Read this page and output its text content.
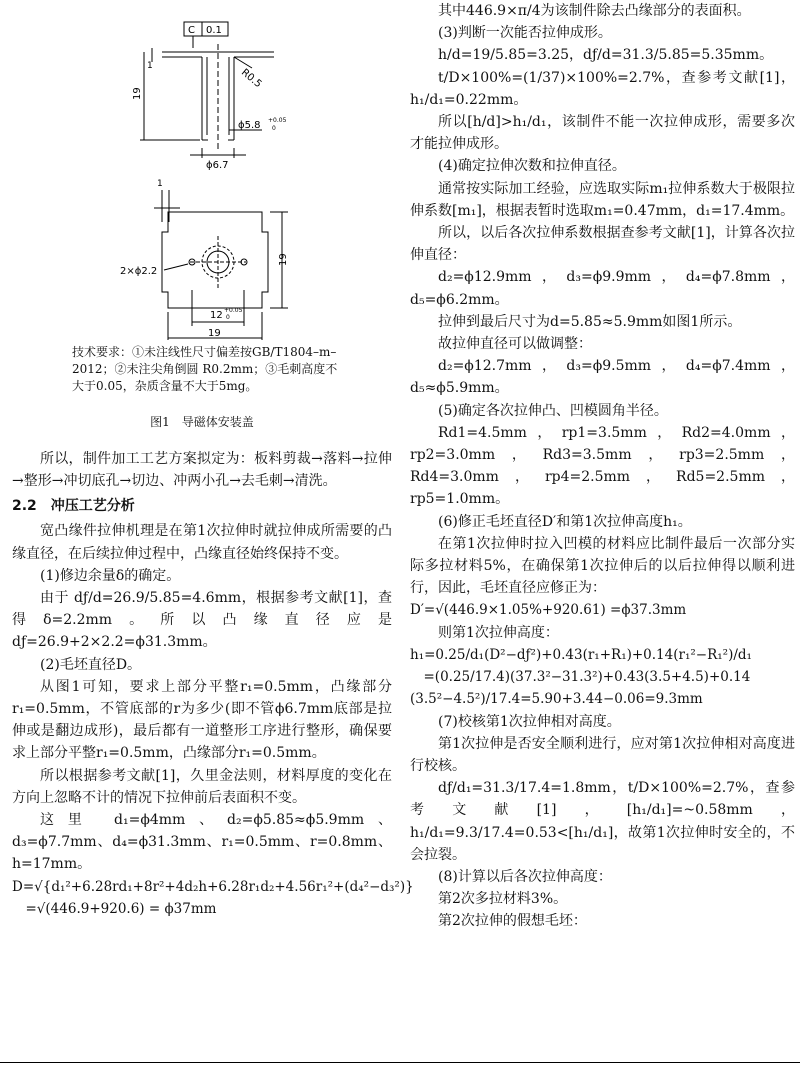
C 0.1
R0.5
19
1
ϕ5.8 +0.05
0
ϕ6.7
1
2×ϕ2.2
19
12 +0.05
0
19
技术要求：①未注线性尺寸偏差按GB/T1804–m–2012；②未注尖角倒圆 R0.2mm；③毛刺高度不大于0.05，杂质含量不大于5mg。
图1　导磁体安装盖
所以，制件加工工艺方案拟定为：板料剪裁→落料→拉伸→整形→冲切底孔→切边、冲两小孔→去毛刺→清洗。
2.2　冲压工艺分析
宽凸缘件拉伸机理是在第1次拉伸时就拉伸成所需要的凸缘直径，在后续拉伸过程中，凸缘直径始终保持不变。
(1)修边余量δ的确定。
由于 dƒ/d=26.9/5.85=4.6mm，根据参考文献[1]，查得δ=2.2mm。所以凸缘直径应是 dƒ=26.9+2×2.2=ϕ31.3mm。
(2)毛坯直径D。
从图1可知，要求上部分平整r₁=0.5mm，凸缘部分r₁=0.5mm，不管底部的r为多少(即不管ϕ6.7mm底部是拉伸或是翻边成形)，最后都有一道整形工序进行整形，确保要求上部分平整r₁=0.5mm，凸缘部分r₁=0.5mm。
所以根据参考文献[1]，久里金法则，材料厚度的变化在方向上忽略不计的情况下拉伸前后表面积不变。
这里 d₁=ϕ4mm、d₂=ϕ5.85≈ϕ5.9mm、d₃=ϕ7.7mm、d₄=ϕ31.3mm、r₁=0.5mm、r=0.8mm、h=17mm。
D=√{d₁²+6.28rd₁+8r²+4d₂h+6.28r₁d₂+4.56r₁²+(d₄²−d₃²)}
　=√(446.9+920.6) = ϕ37mm
其中446.9×π/4为该制件除去凸缘部分的表面积。
(3)判断一次能否拉伸成形。
h/d=19/5.85=3.25，dƒ/d=31.3/5.85=5.35mm。
t/D×100%=(1/37)×100%=2.7%，查参考文献[1]，h₁/d₁=0.22mm。
所以[h/d]>h₁/d₁，该制件不能一次拉伸成形，需要多次才能拉伸成形。
(4)确定拉伸次数和拉伸直径。
通常按实际加工经验，应选取实际m₁拉伸系数大于极限拉伸系数[m₁]，根据表暂时选取m₁=0.47mm，d₁=17.4mm。
所以，以后各次拉伸系数根据查参考文献[1]，计算各次拉伸直径：
d₂=ϕ12.9mm，d₃=ϕ9.9mm，d₄=ϕ7.8mm，d₅=ϕ6.2mm。
拉伸到最后尺寸为d=5.85≈5.9mm如图1所示。
故拉伸直径可以做调整：
d₂=ϕ12.7mm，d₃=ϕ9.5mm，d₄=ϕ7.4mm，d₅≈ϕ5.9mm。
(5)确定各次拉伸凸、凹模圆角半径。
Rd1=4.5mm，rp1=3.5mm，Rd2=4.0mm，rp2=3.0mm，Rd3=3.5mm，rp3=2.5mm，Rd4=3.0mm，rp4=2.5mm，Rd5=2.5mm，rp5=1.0mm。
(6)修正毛坯直径D′和第1次拉伸高度h₁。
在第1次拉伸时拉入凹模的材料应比制件最后一次部分实际多拉材料5%，在确保第1次拉伸后的以后拉伸得以顺利进行，因此，毛坯直径应修正为：
D′=√(446.9×1.05%+920.61) =ϕ37.3mm
则第1次拉伸高度：
h₁=0.25/d₁(D²−dƒ²)+0.43(r₁+R₁)+0.14(r₁²−R₁²)/d₁
　=(0.25/17.4)(37.3²−31.3²)+0.43(3.5+4.5)+0.14
(3.5²−4.5²)/17.4=5.90+3.44−0.06=9.3mm
(7)校核第1次拉伸相对高度。
第1次拉伸是否安全顺利进行，应对第1次拉伸相对高度进行校核。
dƒ/d₁=31.3/17.4=1.8mm，t/D×100%=2.7%，查参考文献[1]，[h₁/d₁]=~0.58mm，h₁/d₁=9.3/17.4=0.53<[h₁/d₁]，故第1次拉伸时安全的，不会拉裂。
(8)计算以后各次拉伸高度：
第2次多拉材料3%。
第2次拉伸的假想毛坯：
